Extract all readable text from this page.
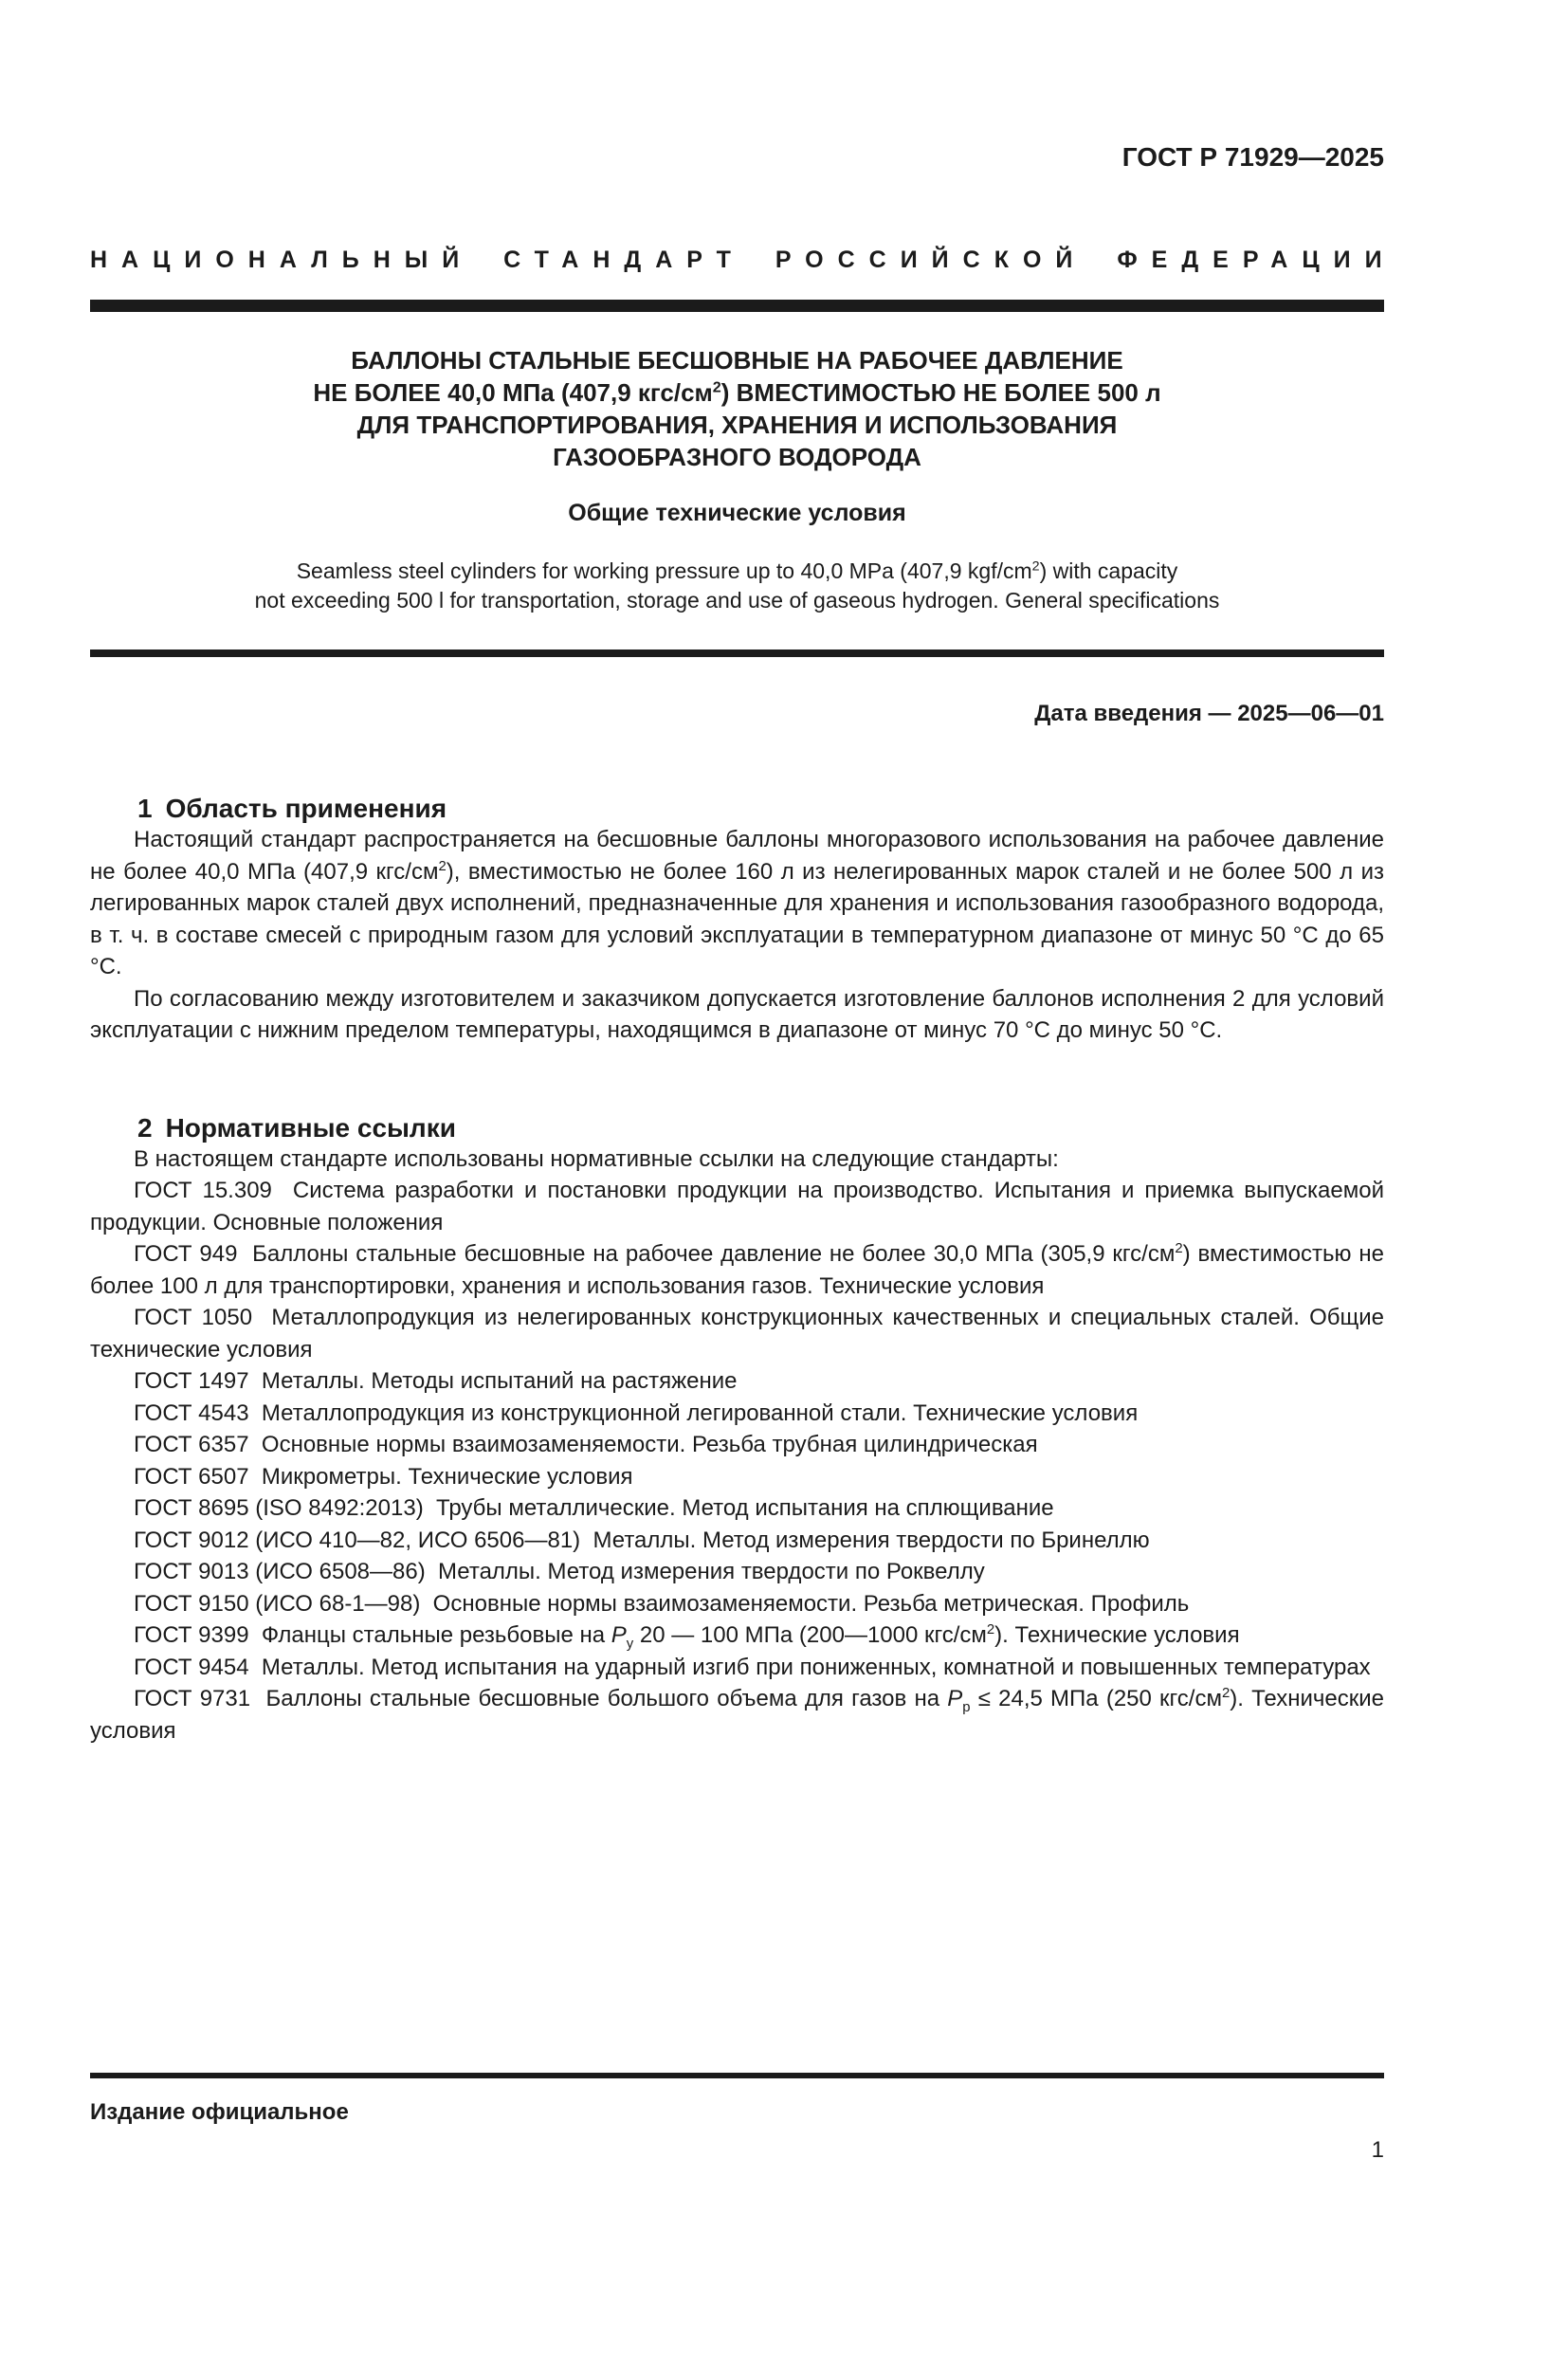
ГОСТ Р 71929—2025
НАЦИОНАЛЬНЫЙ СТАНДАРТ РОССИЙСКОЙ ФЕДЕРАЦИИ
БАЛЛОНЫ СТАЛЬНЫЕ БЕСШОВНЫЕ НА РАБОЧЕЕ ДАВЛЕНИЕ
НЕ БОЛЕЕ 40,0 МПа (407,9 кгс/$см^2$) ВМЕСТИМОСТЬЮ НЕ БОЛЕЕ 500 л
ДЛЯ ТРАНСПОРТИРОВАНИЯ, ХРАНЕНИЯ И ИСПОЛЬЗОВАНИЯ
ГАЗООБРАЗНОГО ВОДОРОДА
Общие технические условия
Seamless steel cylinders for working pressure up to 40,0 MPa (407,9 kgf/$cm^2$) with capacity
not exceeding 500 l for transportation, storage and use of gaseous hydrogen. General specifications
Дата введения — 2025—06—01
1 Область применения

Настоящий стандарт распространяется на бесшовные баллоны многоразового использования на рабочее давление не более 40,0 МПа (407,9 кгс/$см^2$), вместимостью не более 160 л из нелегированных марок сталей и не более 500 л из легированных марок сталей двух исполнений, предназначенные для хранения и использования газообразного водорода, в т. ч. в составе смесей с природным газом для условий эксплуатации в температурном диапазоне от минус 50 °С до 65 °С.

По согласованию между изготовителем и заказчиком допускается изготовление баллонов исполнения 2 для условий эксплуатации с нижним пределом температуры, находящимся в диапазоне от минус 70 °С до минус 50 °С.

2 Нормативные ссылки

В настоящем стандарте использованы нормативные ссылки на следующие стандарты:

ГОСТ 15.309  Система разработки и постановки продукции на производство. Испытания и приемка выпускаемой продукции. Основные положения

ГОСТ 949  Баллоны стальные бесшовные на рабочее давление не более 30,0 МПа (305,9 кгс/$см^2$) вместимостью не более 100 л для транспортировки, хранения и использования газов. Технические условия

ГОСТ 1050  Металлопродукция из нелегированных конструкционных качественных и специальных сталей. Общие технические условия

ГОСТ 1497  Металлы. Методы испытаний на растяжение

ГОСТ 4543  Металлопродукция из конструкционной легированной стали. Технические условия

ГОСТ 6357  Основные нормы взаимозаменяемости. Резьба трубная цилиндрическая

ГОСТ 6507  Микрометры. Технические условия

ГОСТ 8695 (ISO 8492:2013)  Трубы металлические. Метод испытания на сплющивание

ГОСТ 9012 (ИСО 410—82, ИСО 6506—81)  Металлы. Метод измерения твердости по Бринеллю

ГОСТ 9013 (ИСО 6508—86)  Металлы. Метод измерения твердости по Роквеллу

ГОСТ 9150 (ИСО 68-1—98)  Основные нормы взаимозаменяемости. Резьба метрическая. Профиль

ГОСТ 9399  Фланцы стальные резьбовые на $Р_у$ 20 — 100 МПа (200—1000 кгс/$см^2$). Технические условия

ГОСТ 9454  Металлы. Метод испытания на ударный изгиб при пониженных, комнатной и повышенных температурах

ГОСТ 9731  Баллоны стальные бесшовные большого объема для газов на $Р_р \le 24,5$ МПа (250 кгс/$см^2$). Технические условия

Издание официальное
1
